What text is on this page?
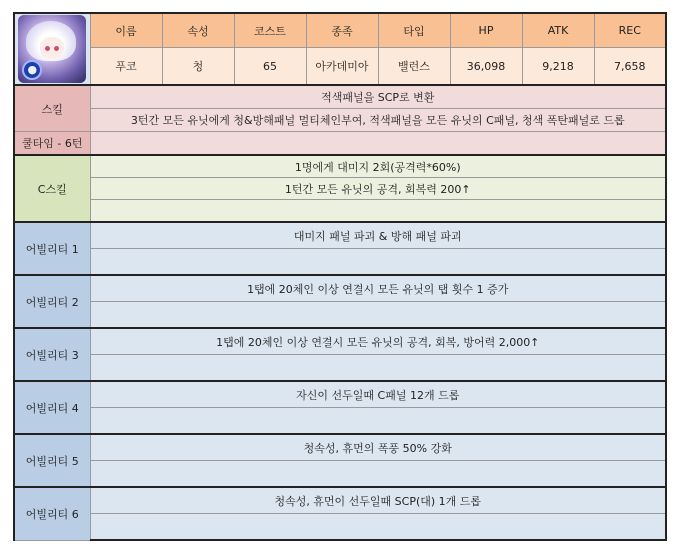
●	이름	속성	코스트	종족	타입	HP	ATK	REC
	푸코	청	65	아카데미아	밸런스	36,098	9,218	7,658
스킬	적색패널을 SCP로 변환							
	3턴간 모든 유닛에게 청&방해패널 멀티체인부여, 적색패널을 모든 유닛의 C패널, 청색 폭탄패널로 드롭							
쿨타임 - 6턴								
C스킬	1명에게 대미지 2회(공격력*60%)							
	1턴간 모든 유닛의 공격, 회복력 200↑							

어빌리티 1	대미지 패널 파괴 & 방해 패널 파괴							

어빌리티 2	1탭에 20체인 이상 연결시 모든 유닛의 탭 횟수 1 증가							

어빌리티 3	1탭에 20체인 이상 연결시 모든 유닛의 공격, 회복, 방어력 2,000↑							

어빌리티 4	자신이 선두일때 C패널 12개 드롭							

어빌리티 5	청속성, 휴먼의 폭풍 50% 강화							

어빌리티 6	청속성, 휴먼이 선두일때 SCP(대) 1개 드롭							
